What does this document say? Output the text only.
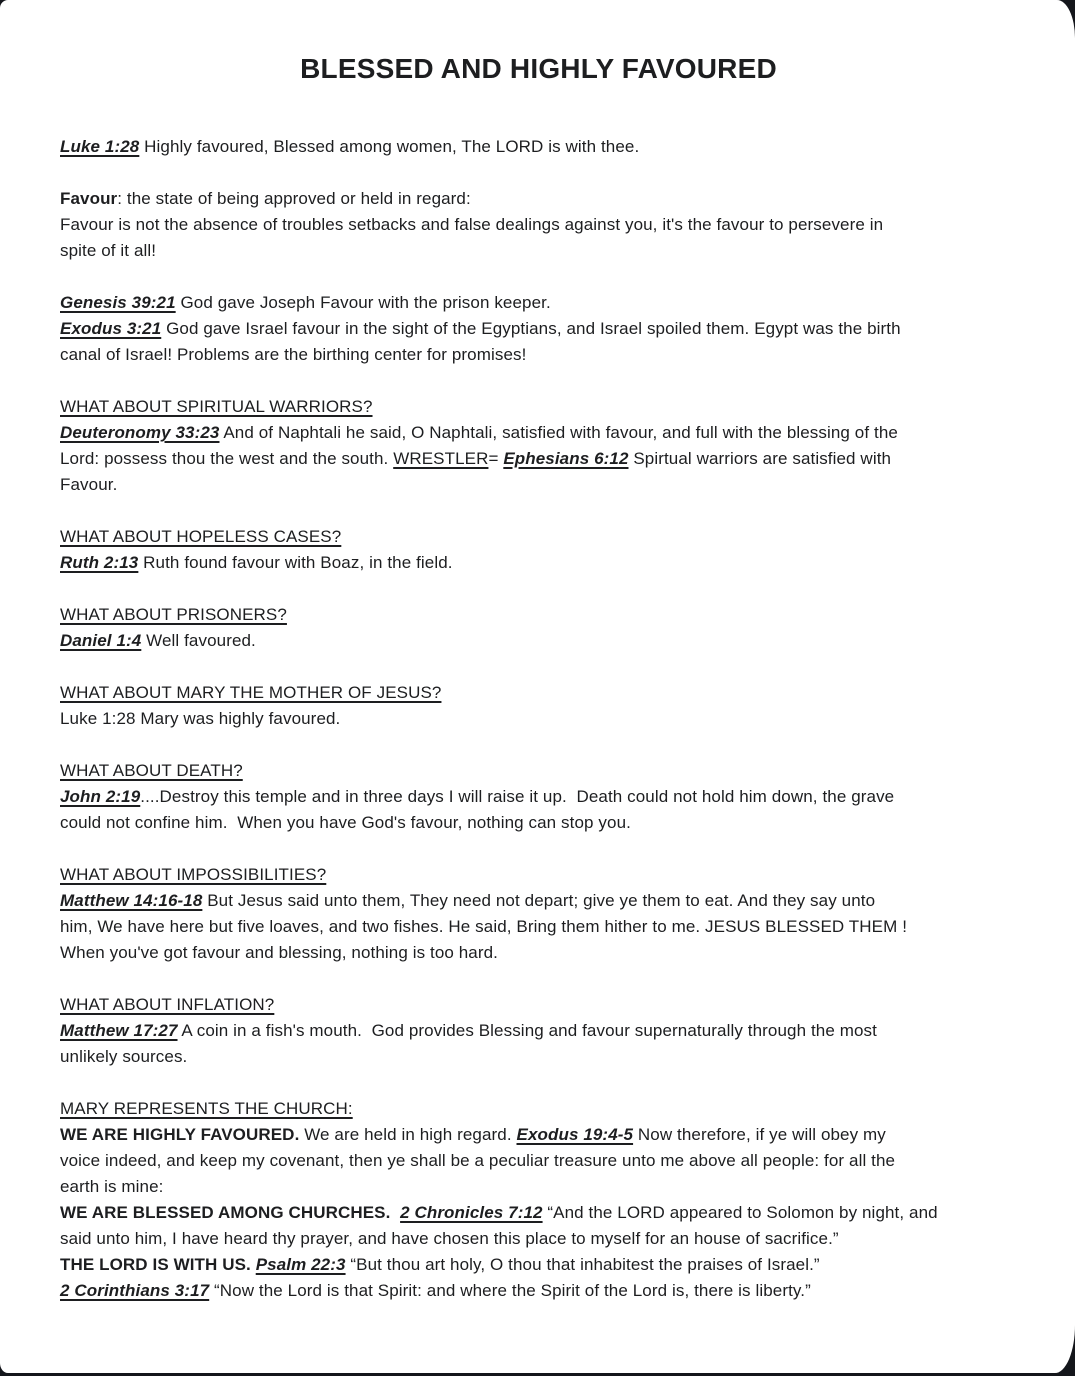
BLESSED AND HIGHLY FAVOURED
Luke 1:28 Highly favoured, Blessed among women, The LORD is with thee.
Favour: the state of being approved or held in regard:
Favour is not the absence of troubles setbacks and false dealings against you, it's the favour to persevere in
spite of it all!
Genesis 39:21 God gave Joseph Favour with the prison keeper.
Exodus 3:21 God gave Israel favour in the sight of the Egyptians, and Israel spoiled them. Egypt was the birth
canal of Israel! Problems are the birthing center for promises!
WHAT ABOUT SPIRITUAL WARRIORS?
Deuteronomy 33:23 And of Naphtali he said, O Naphtali, satisfied with favour, and full with the blessing of the
Lord: possess thou the west and the south. WRESTLER= Ephesians 6:12 Spirtual warriors are satisfied with
Favour.
WHAT ABOUT HOPELESS CASES?
Ruth 2:13 Ruth found favour with Boaz, in the field.
WHAT ABOUT PRISONERS?
Daniel 1:4 Well favoured.
WHAT ABOUT MARY THE MOTHER OF JESUS?
Luke 1:28 Mary was highly favoured.
WHAT ABOUT DEATH?
John 2:19....Destroy this temple and in three days I will raise it up.  Death could not hold him down, the grave
could not confine him.  When you have God's favour, nothing can stop you.
WHAT ABOUT IMPOSSIBILITIES?
Matthew 14:16-18 But Jesus said unto them, They need not depart; give ye them to eat. And they say unto
him, We have here but five loaves, and two fishes. He said, Bring them hither to me. JESUS BLESSED THEM !
When you've got favour and blessing, nothing is too hard.
WHAT ABOUT INFLATION?
Matthew 17:27 A coin in a fish's mouth.  God provides Blessing and favour supernaturally through the most
unlikely sources.
MARY REPRESENTS THE CHURCH:
WE ARE HIGHLY FAVOURED. We are held in high regard. Exodus 19:4-5 Now therefore, if ye will obey my
voice indeed, and keep my covenant, then ye shall be a peculiar treasure unto me above all people: for all the
earth is mine:
WE ARE BLESSED AMONG CHURCHES. 2 Chronicles 7:12 “And the LORD appeared to Solomon by night, and
said unto him, I have heard thy prayer, and have chosen this place to myself for an house of sacrifice.”
THE LORD IS WITH US. Psalm 22:3 “But thou art holy, O thou that inhabitest the praises of Israel.”
2 Corinthians 3:17 “Now the Lord is that Spirit: and where the Spirit of the Lord is, there is liberty.”
